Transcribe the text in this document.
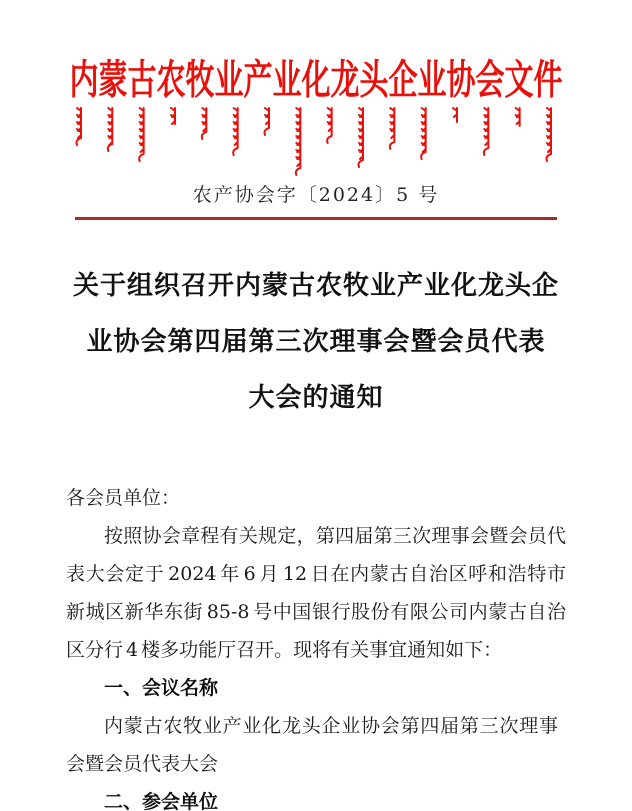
内蒙古农牧业产业化龙头企业协会文件
农产协会字〔2024〕5 号
关于组织召开内蒙古农牧业产业化龙头企
业协会第四届第三次理事会暨会员代表
大会的通知
各会员单位：
按照协会章程有关规定，第四届第三次理事会暨会员代表大会定于 2024 年 6 月 12 日在内蒙古自治区呼和浩特市新城区新华东街 85-8 号中国银行股份有限公司内蒙古自治区分行 4 楼多功能厅召开。现将有关事宜通知如下：
一、会议名称
内蒙古农牧业产业化龙头企业协会第四届第三次理事会暨会员代表大会
二、参会单位
